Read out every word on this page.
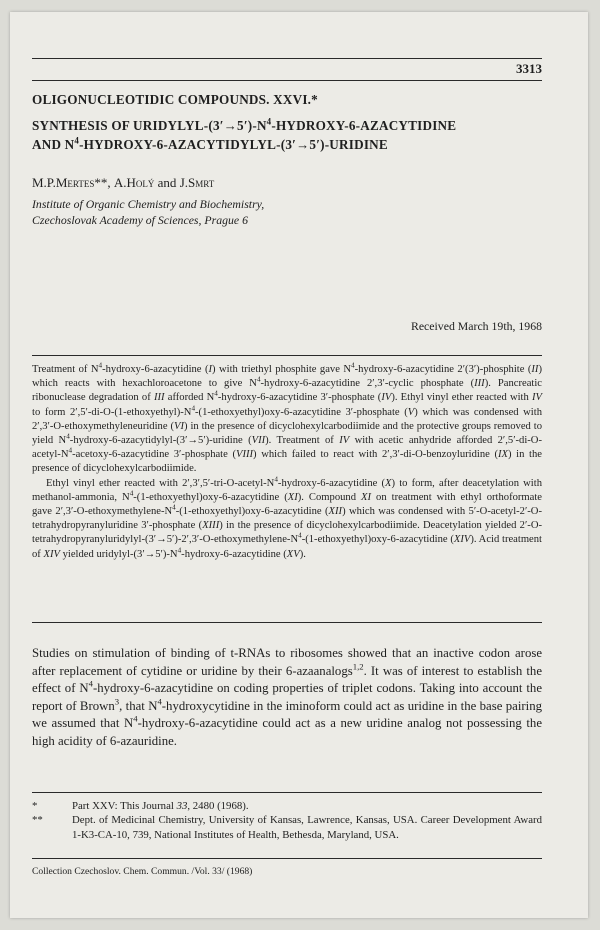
3313
OLIGONUCLEOTIDIC COMPOUNDS. XXVI.*
SYNTHESIS OF URIDYLYL-$(3'\to 5')-N^4-HYDROXY-6$-AZACYTIDINE
AND $N^4-HYDROXY-6-AZACYTIDYLYL-(3'\to 5')$-URIDINE
M.P.Mertes**, A.Holý and J.Smrt
Institute of Organic Chemistry and Biochemistry,
Czechoslovak Academy of Sciences, Prague 6
Received March 19th, 1968

Treatment of $N^4-hydroxy-6$-azacytidine (I) with triethyl phosphite gave $N^4-hydroxy-6$-azacytidine 2′(3′)-phosphite (II) which reacts with hexachloroacetone to give $N^4-hydroxy-6$-azacytidine 2′,3′-cyclic phosphate (III). Pancreatic ribonuclease degradation of III afforded $N^4-hydroxy-6$-azacytidine 3′-phosphate (IV). Ethyl vinyl ether reacted with IV to form $2',5'-di-O-(1-ethoxyethyl)-N^4-(1-ethoxyethyl)oxy-6$-azacytidine 3′-phosphate (V) which was condensed with 2′,3′-O-ethoxymethyleneuridine (VI) in the presence of dicyclohexylcarbodiimide and the protective groups removed to yield $N^4-hydroxy-6-azacytidylyl-(3'\to 5')$-uridine (VII). Treatment of IV with acetic anhydride afforded $2',5'-di-O-acetyl-N^4-acetoxy-6$-azacytidine 3′-phosphate (VIII) which failed to react with 2′,3′-di-O-benzoyluridine (IX) in the presence of dicyclohexylcarbodiimide.

Ethyl vinyl ether reacted with $2',3',5'-tri-O-acetyl-N^4-hydroxy-6$-azacytidine (X) to form, after deacetylation with methanol-ammonia, $N^4-(1-ethoxyethyl)oxy-6$-azacytidine (XI). Compound XI on treatment with ethyl orthoformate gave $2',3'-O-ethoxymethylene-N^4-(1-ethoxyethyl)oxy-6$-azacytidine (XII) which was condensed with 5′-O-acetyl-2′-O-tetrahydropyranyluridine 3′-phosphate (XIII) in the presence of dicyclohexylcarbodiimide. Deacetylation yielded $2'-O-tetrahydropyranyluridylyl-(3'\to 5')-2',3'-O-ethoxymethylene-N^4-(1-ethoxyethyl)oxy-6$-azacytidine (XIV). Acid treatment of XIV yielded uridylyl-$(3'\to 5')-N^4-hydroxy-6$-azacytidine (XV).

Studies on stimulation of binding of t-RNAs to ribosomes showed that an inactive codon arose after replacement of cytidine or uridine by their 6-azaanalogs$^{1,2}$. It was of interest to establish the effect of $N^4-hydroxy-6$-azacytidine on coding properties of triplet codons. Taking into account the report of Brown$^3$, that $N^4$-hydroxycytidine in the iminoform could act as uridine in the base pairing we assumed that $N^4-hydroxy-6$-azacytidine could act as a new uridine analog not possessing the high acidity of 6-azauridine.

*	Part XXV: This Journal 33, 2480 (1968).
**	Dept. of Medicinal Chemistry, University of Kansas, Lawrence, Kansas, USA. Career Development Award 1-K3-CA-10, 739, National Institutes of Health, Bethesda, Maryland, USA.
Collection Czechoslov. Chem. Commun. /Vol. 33/ (1968)
